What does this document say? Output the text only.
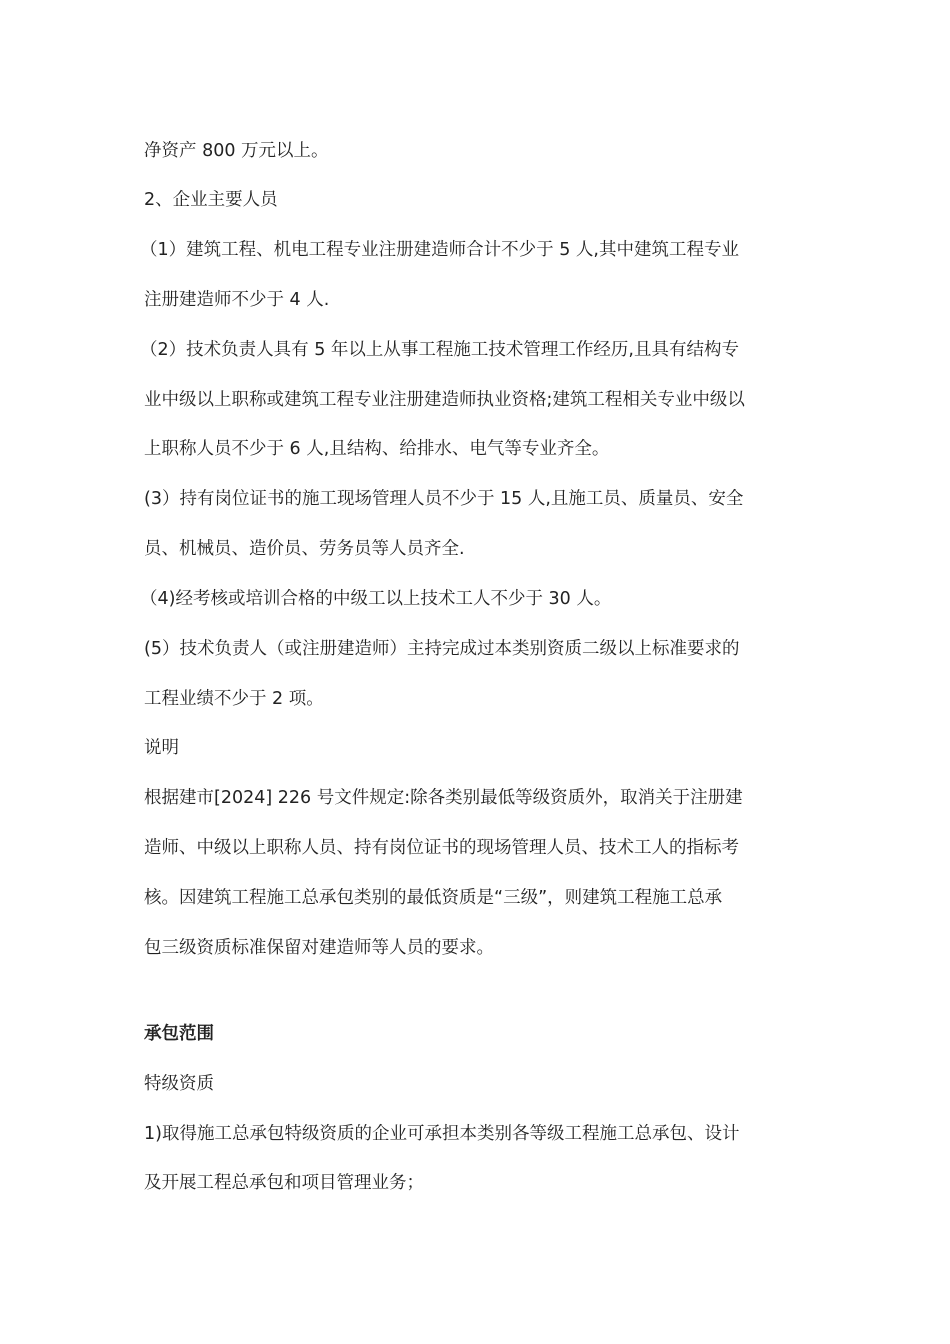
净资产 800 万元以上。
2、企业主要人员
（1）建筑工程、机电工程专业注册建造师合计不少于 5 人,其中建筑工程专业
注册建造师不少于 4 人.
（2）技术负责人具有 5 年以上从事工程施工技术管理工作经历,且具有结构专
业中级以上职称或建筑工程专业注册建造师执业资格;建筑工程相关专业中级以
上职称人员不少于 6 人,且结构、给排水、电气等专业齐全。
(3）持有岗位证书的施工现场管理人员不少于 15 人,且施工员、质量员、安全
员、机械员、造价员、劳务员等人员齐全.
（4)经考核或培训合格的中级工以上技术工人不少于 30 人。
(5）技术负责人（或注册建造师）主持完成过本类别资质二级以上标准要求的
工程业绩不少于 2 项。
说明
根据建市[2024] 226 号文件规定:除各类别最低等级资质外，取消关于注册建
造师、中级以上职称人员、持有岗位证书的现场管理人员、技术工人的指标考
核。因建筑工程施工总承包类别的最低资质是“三级”，则建筑工程施工总承
包三级资质标准保留对建造师等人员的要求。
承包范围
特级资质
1)取得施工总承包特级资质的企业可承担本类别各等级工程施工总承包、设计
及开展工程总承包和项目管理业务；
